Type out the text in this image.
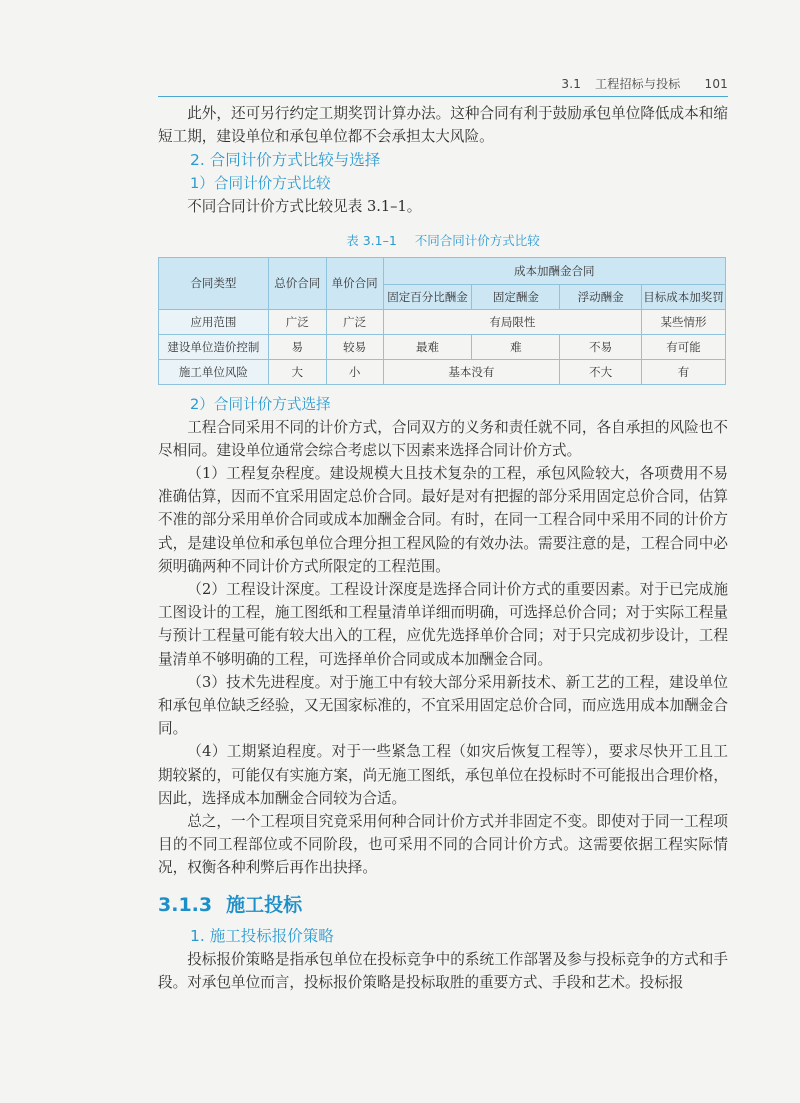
3.1 工程招标与投标 101

此外，还可另行约定工期奖罚计算办法。这种合同有利于鼓励承包单位降低成本和缩短工期，建设单位和承包单位都不会承担太大风险。

2. 合同计价方式比较与选择
1）合同计价方式比较

不同合同计价方式比较见表 3.1–1。

表 3.1–1 不同合同计价方式比较
合同类型	总价合同	单价合同	成本加酬金合同			
			固定百分比酬金	固定酬金	浮动酬金	目标成本加奖罚
应用范围	广泛	广泛	有局限性			某些情形
建设单位造价控制	易	较易	最难	难	不易	有可能
施工单位风险	大	小	基本没有		不大	有
2）合同计价方式选择

工程合同采用不同的计价方式，合同双方的义务和责任就不同，各自承担的风险也不尽相同。建设单位通常会综合考虑以下因素来选择合同计价方式。

（1）工程复杂程度。建设规模大且技术复杂的工程，承包风险较大，各项费用不易准确估算，因而不宜采用固定总价合同。最好是对有把握的部分采用固定总价合同，估算不准的部分采用单价合同或成本加酬金合同。有时，在同一工程合同中采用不同的计价方式，是建设单位和承包单位合理分担工程风险的有效办法。需要注意的是，工程合同中必须明确两种不同计价方式所限定的工程范围。

（2）工程设计深度。工程设计深度是选择合同计价方式的重要因素。对于已完成施工图设计的工程，施工图纸和工程量清单详细而明确，可选择总价合同；对于实际工程量与预计工程量可能有较大出入的工程，应优先选择单价合同；对于只完成初步设计，工程量清单不够明确的工程，可选择单价合同或成本加酬金合同。

（3）技术先进程度。对于施工中有较大部分采用新技术、新工艺的工程，建设单位和承包单位缺乏经验，又无国家标准的，不宜采用固定总价合同，而应选用成本加酬金合同。

（4）工期紧迫程度。对于一些紧急工程（如灾后恢复工程等），要求尽快开工且工期较紧的，可能仅有实施方案，尚无施工图纸，承包单位在投标时不可能报出合理价格，因此，选择成本加酬金合同较为合适。

总之，一个工程项目究竟采用何种合同计价方式并非固定不变。即使对于同一工程项目的不同工程部位或不同阶段，也可采用不同的合同计价方式。这需要依据工程实际情况，权衡各种利弊后再作出抉择。

3.1.3 施工投标
1. 施工投标报价策略

投标报价策略是指承包单位在投标竞争中的系统工作部署及参与投标竞争的方式和手段。对承包单位而言，投标报价策略是投标取胜的重要方式、手段和艺术。投标报
